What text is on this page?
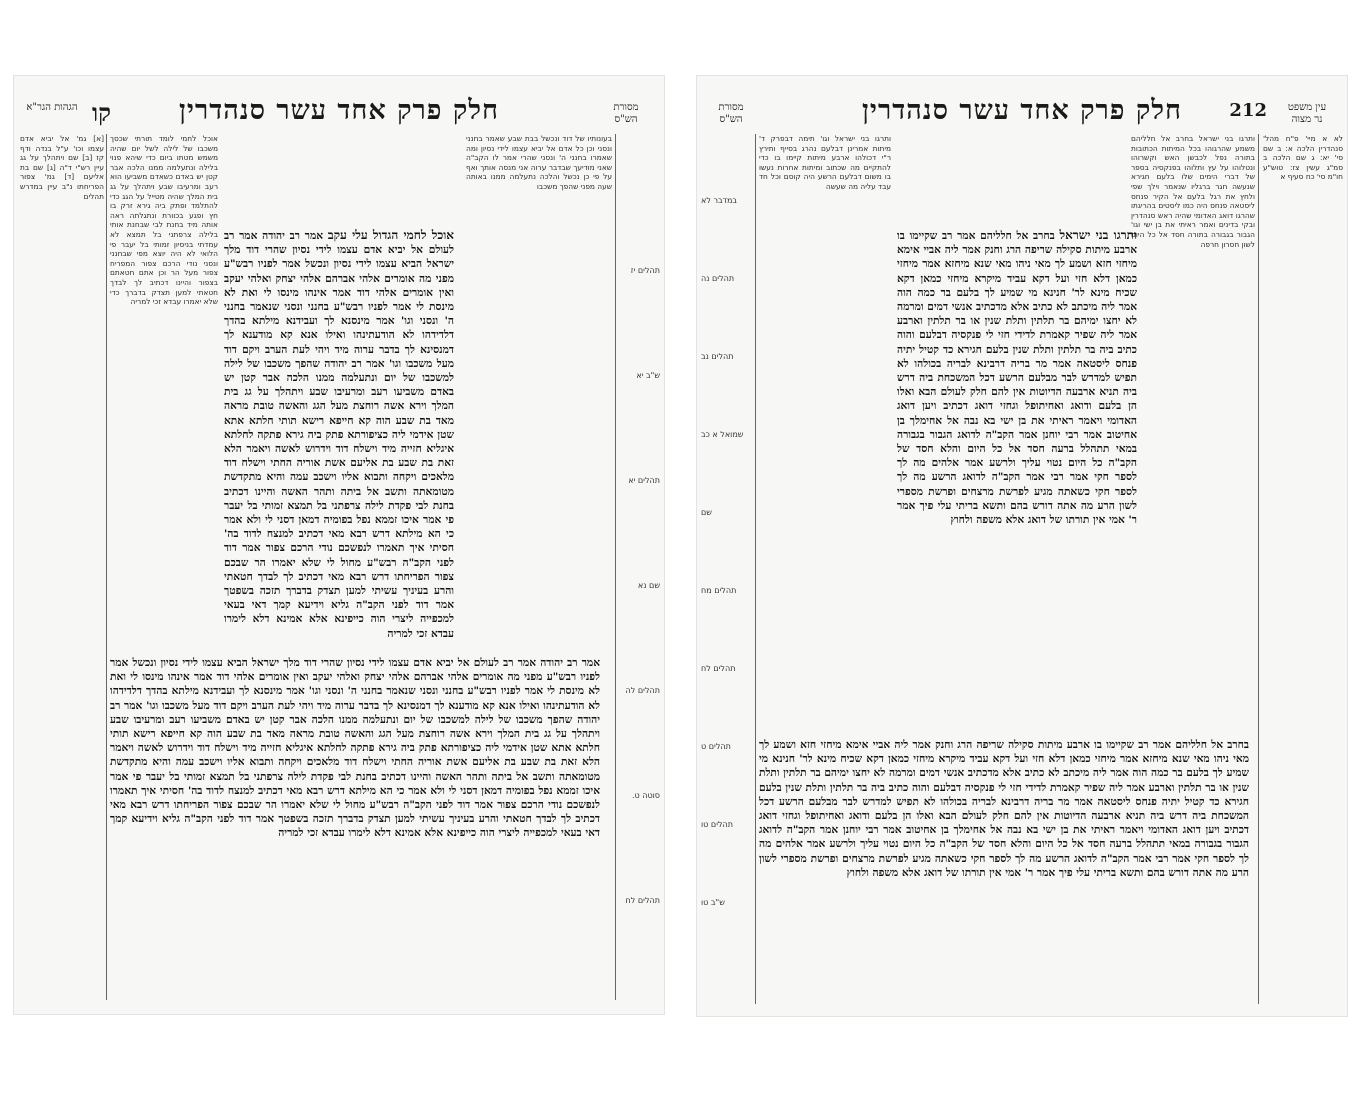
מסורת
הש"ס
חלק פרק אחד עשר סנהדרין
הגהות הגר"א קו
בעונותיו של דוד ונכשל בבת שבע שאמר בחנני ונסני וכן כל אדם אל יביא עצמו לידי נסיון ומה שאמרו בחנני ה' ונסני שהרי אמר לו הקב"ה שאני מודיעך שבדבר ערוה אני מנסה אותך ואף על פי כן נכשל והלכה נתעלמה ממנו באותה שעה מפני שהפך משכבו
אוכל לחמי הגדול עלי עקב אמר רב יהודה אמר רב לעולם אל יביא אדם עצמו לידי נסיון שהרי דוד מלך ישראל הביא עצמו לידי נסיון ונכשל אמר לפניו רבש"ע מפני מה אומרים אלהי אברהם אלהי יצחק ואלהי יעקב ואין אומרים אלהי דוד אמר אינהו מינסו לי ואת לא מינסת לי אמר לפניו רבש"ע בחנני ונסני שנאמר בחנני ה' ונסני וגו' אמר מינסנא לך ועבידנא מילתא בהדך דלדידהו לא הודעתינהו ואילו אנא קא מודענא לך דמנסינא לך בדבר ערוה מיד ויהי לעת הערב ויקם דוד מעל משכבו וגו' אמר רב יהודה שהפך משכבו של לילה למשכבו של יום ונתעלמה ממנו הלכה אבר קטן יש באדם משביעו רעב ומרעיבו שבע ויתהלך על גג בית המלך וירא אשה רוחצת מעל הגג והאשה טובת מראה מאד בת שבע הוה קא חייפא רישא תותי חלתא אתא שטן אידמי ליה כציפורתא פתק ביה גירא פתקה לחלתא איגליא חזייה מיד וישלח דוד וידרוש לאשה ויאמר הלא זאת בת שבע בת אליעם אשת אוריה החתי וישלח דוד מלאכים ויקחה ותבוא אליו וישכב עמה והיא מתקדשת מטומאתה ותשב אל ביתה ותהר האשה והיינו דכתיב בחנת לבי פקדת לילה צרפתני בל תמצא זמותי בל יעבר פי אמר איכו זממא נפל בפומיה דמאן דסני לי ולא אמר כי הא מילתא דרש רבא מאי דכתיב למנצח לדוד בה' חסיתי איך תאמרו לנפשכם נודי הרכם צפור אמר דוד לפני הקב"ה רבש"ע מחול לי שלא יאמרו הר שבכם צפור הפריחתו דרש רבא מאי דכתיב לך לבדך חטאתי והרע בעיניך עשיתי למען תצדק בדברך תזכה בשפטך אמר דוד לפני הקב"ה גליא וידיעא קמך דאי בעאי למכפייה ליצרי הוה כייפינא אלא אמינא דלא לימרו עבדא זכי למריה
אוכל לחמי לומד תורתי שכסך משכבו של לילה לשל יום שהיה משמש מטתו ביום כדי שיהא פנוי בלילה ונתעלמה ממנו הלכה אבר קטן יש באדם כשאדם משביעו הוא רעב ומרעיבו שבע ויתהלך על גג בית המלך שהיה מטייל על הגג כדי להתלמד ופתק ביה גירא זרק בו חץ ופגע בכוורת ונתגלתה ראה אותה מיד בחנת לבי שבחנת אותי בלילה צרפתני בל תמצא לא עמדתי בניסיון זמותי בל יעבר פי הלואי לא היה יוצא מפי שבחנני ונסני נודי הרכם צפור המפריח צפור מעל הר וכן אתם חטאתם בצפור והיינו דכתיב לך לבדך חטאתי למען תצדק בדברך כדי שלא יאמרו עבדא זכי למריה
[א] גמ' אל יביא אדם עצמו וכו' ע"ל בנדה ודף קז [ב] שם ויתהלך על גג עיין רש"י ד"ה [ג] שם בת אליעם [ד] גמ' צפור הפריחתו נ"ב עיין במדרש תהלים
אמר רב יהודה אמר רב לעולם אל יביא אדם עצמו לידי נסיון שהרי דוד מלך ישראל הביא עצמו לידי נסיון ונכשל אמר לפניו רבש"ע מפני מה אומרים אלהי אברהם אלהי יצחק ואלהי יעקב ואין אומרים אלהי דוד אמר אינהו מינסו לי ואת לא מינסת לי אמר לפניו רבש"ע בחנני ונסני שנאמר בחנני ה' ונסני וגו' אמר מינסנא לך ועבידנא מילתא בהדך דלדידהו לא הודעתינהו ואילו אנא קא מודענא לך דמנסינא לך בדבר ערוה מיד ויהי לעת הערב ויקם דוד מעל משכבו וגו' אמר רב יהודה שהפך משכבו של לילה למשכבו של יום ונתעלמה ממנו הלכה אבר קטן יש באדם משביעו רעב ומרעיבו שבע ויתהלך על גג בית המלך וירא אשה רוחצת מעל הגג והאשה טובת מראה מאד בת שבע הוה קא חייפא רישא תותי חלתא אתא שטן אידמי ליה כציפורתא פתק ביה גירא פתקה לחלתא איגליא חזייה מיד וישלח דוד וידרוש לאשה ויאמר הלא זאת בת שבע בת אליעם אשת אוריה החתי וישלח דוד מלאכים ויקחה ותבוא אליו וישכב עמה והיא מתקדשת מטומאתה ותשב אל ביתה ותהר האשה והיינו דכתיב בחנת לבי פקדת לילה צרפתני בל תמצא זמותי בל יעבר פי אמר איכו זממא נפל בפומיה דמאן דסני לי ולא אמר כי הא מילתא דרש רבא מאי דכתיב למנצח לדוד בה' חסיתי איך תאמרו לנפשכם נודי הרכם צפור אמר דוד לפני הקב"ה רבש"ע מחול לי שלא יאמרו הר שבכם צפור הפריחתו דרש רבא מאי דכתיב לך לבדך חטאתי והרע בעיניך עשיתי למען תצדק בדברך תזכה בשפטך אמר דוד לפני הקב"ה גליא וידיעא קמך דאי בעאי למכפייה ליצרי הוה כייפינא אלא אמינא דלא לימרו עבדא זכי למריה
תהלים יז
ש"ב יא
תהלים יא
שם נא
תהלים לה
סוטה ט.
תהלים לח
עין משפט
נר מצוה
212
חלק פרק אחד עשר סנהדרין
מסורת
הש"ס
לא א מיי' פ"ח מהל' סנהדרין הלכה א: ב שם סי' יא: ג שם הלכה ב סמ"ג עשין צז: טוש"ע חו"מ סי' כח סעיף א
ותרגו בני ישראל בחרב אל חלליהם משמע שהרגוהו בכל המיתות הכתובות בתורה נפל לכבשן האש וקשרוהו ונטלוהו על עץ ותלוהו בפנקסיה בספר של דברי הימים שלו בלעם חגירא שנעשה חגר ברגליו שנאמר וילך שפי ולחץ את רגל בלעם אל הקיר פנחס ליסטאה פנחס היה כמו ליסטים בהריגתו שהרגו דואג האדומי שהיה ראש סנהדרין ובקי בדינים ואמר ראיתי את בן ישי וגו' הגבור בגבורה בתורה חסד אל כל היום לשון חסרון חרפה
ותרגו בני ישראל בחרב אל חלליהם אמר רב שקיימו בו ארבע מיתות סקילה שריפה הרג וחנק אמר ליה אביי אימא מיחזי חזא ושמע לך מאי ניהו מאי שנא מיחזא אמר מיחזי כמאן דלא חזי ועל דקא עביד מיקרא מיחזי כמאן דקא שכיח מינא לר' חנינא מי שמיע לך בלעם בר כמה הוה אמר ליה מיכתב לא כתיב אלא מדכתיב אנשי דמים ומרמה לא יחצו ימיהם בר תלתין ותלת שנין או בר תלתין וארבע אמר ליה שפיר קאמרת לדידי חזי לי פנקסיה דבלעם והוה כתיב ביה בר תלתין ותלת שנין בלעם חגירא כד קטיל יתיה פנחס ליסטאה אמר מר בריה דרבינא לבריה בכולהו לא תפיש למדרש לבר מבלעם הרשע דכל המשכחת ביה דרש ביה תניא ארבעה הדיוטות אין להם חלק לעולם הבא ואלו הן בלעם ודואג ואחיתופל וגחזי דואג דכתיב ויען דואג האדומי ויאמר ראיתי את בן ישי בא נבה אל אחימלך בן אחיטוב אמר רבי יוחנן אמר הקב"ה לדואג הגבור בגבורה במאי תתהלל ברעה חסד אל כל היום והלא חסד של הקב"ה כל היום נטוי עליך ולרשע אמר אלהים מה לך לספר חקי אמר רבי אמר הקב"ה לדואג הרשע מה לך לספר חקי כשאתה מגיע לפרשת מרצחים ופרשת מספרי לשון הרע מה אתה דורש בהם ותשא בריתי עלי פיך אמר ר' אמי אין תורתו של דואג אלא משפה ולחוץ
ותרגו בני ישראל וגו' תימה דבפרק ד' מיתות אמרינן דבלעם נהרג בסייף ותירץ ר"י דכולהו ארבע מיתות קיימו בו כדי להתקיים מה שכתוב ומיתות אחרות נעשו בו משום דבלעם הרשע היה קוסם וכל חד עבד עליה מה שעשה
בחרב אל חלליהם אמר רב שקיימו בו ארבע מיתות סקילה שריפה הרג וחנק אמר ליה אביי אימא מיחזי חזא ושמע לך מאי ניהו מאי שנא מיחזא אמר מיחזי כמאן דלא חזי ועל דקא עביד מיקרא מיחזי כמאן דקא שכיח מינא לר' חנינא מי שמיע לך בלעם בר כמה הוה אמר ליה מיכתב לא כתיב אלא מדכתיב אנשי דמים ומרמה לא יחצו ימיהם בר תלתין ותלת שנין או בר תלתין וארבע אמר ליה שפיר קאמרת לדידי חזי לי פנקסיה דבלעם והוה כתיב ביה בר תלתין ותלת שנין בלעם חגירא כד קטיל יתיה פנחס ליסטאה אמר מר בריה דרבינא לבריה בכולהו לא תפיש למדרש לבר מבלעם הרשע דכל המשכחת ביה דרש ביה תניא ארבעה הדיוטות אין להם חלק לעולם הבא ואלו הן בלעם ודואג ואחיתופל וגחזי דואג דכתיב ויען דואג האדומי ויאמר ראיתי את בן ישי בא נבה אל אחימלך בן אחיטוב אמר רבי יוחנן אמר הקב"ה לדואג הגבור בגבורה במאי תתהלל ברעה חסד אל כל היום והלא חסד של הקב"ה כל היום נטוי עליך ולרשע אמר אלהים מה לך לספר חקי אמר רבי אמר הקב"ה לדואג הרשע מה לך לספר חקי כשאתה מגיע לפרשת מרצחים ופרשת מספרי לשון הרע מה אתה דורש בהם ותשא בריתי עלי פיך אמר ר' אמי אין תורתו של דואג אלא משפה ולחוץ
במדבר לא
תהלים נה
תהלים נב
שמואל א כב
שם
תהלים מח
תהלים לח
תהלים ט
תהלים טו
ש"ב טו
